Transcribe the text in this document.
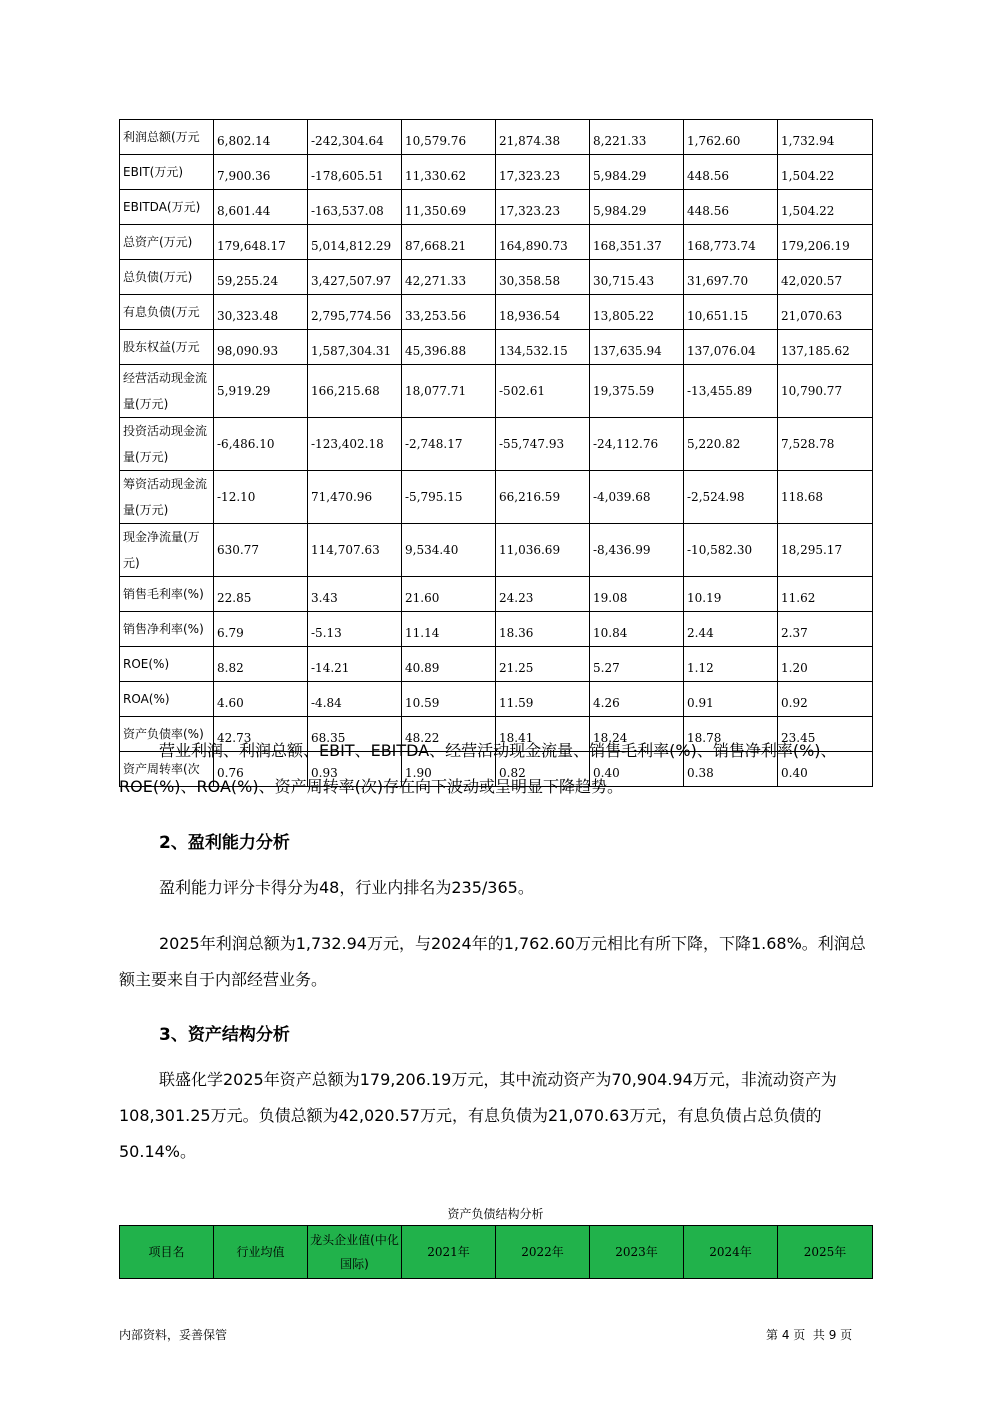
利润总额(万元	6,802.14	-242,304.64	10,579.76	21,874.38	8,221.33	1,762.60	1,732.94
EBIT(万元)	7,900.36	-178,605.51	11,330.62	17,323.23	5,984.29	448.56	1,504.22
EBITDA(万元)	8,601.44	-163,537.08	11,350.69	17,323.23	5,984.29	448.56	1,504.22
总资产(万元)	179,648.17	5,014,812.29	87,668.21	164,890.73	168,351.37	168,773.74	179,206.19
总负债(万元)	59,255.24	3,427,507.97	42,271.33	30,358.58	30,715.43	31,697.70	42,020.57
有息负债(万元	30,323.48	2,795,774.56	33,253.56	18,936.54	13,805.22	10,651.15	21,070.63
股东权益(万元	98,090.93	1,587,304.31	45,396.88	134,532.15	137,635.94	137,076.04	137,185.62
经营活动现金流量(万元)	5,919.29	166,215.68	18,077.71	-502.61	19,375.59	-13,455.89	10,790.77
投资活动现金流量(万元)	-6,486.10	-123,402.18	-2,748.17	-55,747.93	-24,112.76	5,220.82	7,528.78
筹资活动现金流量(万元)	-12.10	71,470.96	-5,795.15	66,216.59	-4,039.68	-2,524.98	118.68
现金净流量(万元)	630.77	114,707.63	9,534.40	11,036.69	-8,436.99	-10,582.30	18,295.17
销售毛利率(%)	22.85	3.43	21.60	24.23	19.08	10.19	11.62
销售净利率(%)	6.79	-5.13	11.14	18.36	10.84	2.44	2.37
ROE(%)	8.82	-14.21	40.89	21.25	5.27	1.12	1.20
ROA(%)	4.60	-4.84	10.59	11.59	4.26	0.91	0.92
资产负债率(%)	42.73	68.35	48.22	18.41	18.24	18.78	23.45
资产周转率(次	0.76	0.93	1.90	0.82	0.40	0.38	0.40

营业利润、利润总额、EBIT、EBITDA、经营活动现金流量、销售毛利率(%)、销售净利率(%)、ROE(%)、ROA(%)、资产周转率(次)存在向下波动或呈明显下降趋势。

2、盈利能力分析

盈利能力评分卡得分为48，行业内排名为235/365。

2025年利润总额为1,732.94万元，与2024年的1,762.60万元相比有所下降，下降1.68%。利润总额主要来自于内部经营业务。

3、资产结构分析

联盛化学2025年资产总额为179,206.19万元，其中流动资产为70,904.94万元，非流动资产为108,301.25万元。负债总额为42,020.57万元，有息负债为21,070.63万元，有息负债占总负债的50.14%。

资产负债结构分析
项目名	行业均值	龙头企业值(中化国际)	2021年	2022年	2023年	2024年	2025年
内部资料，妥善保管	第 4 页  共 9 页
